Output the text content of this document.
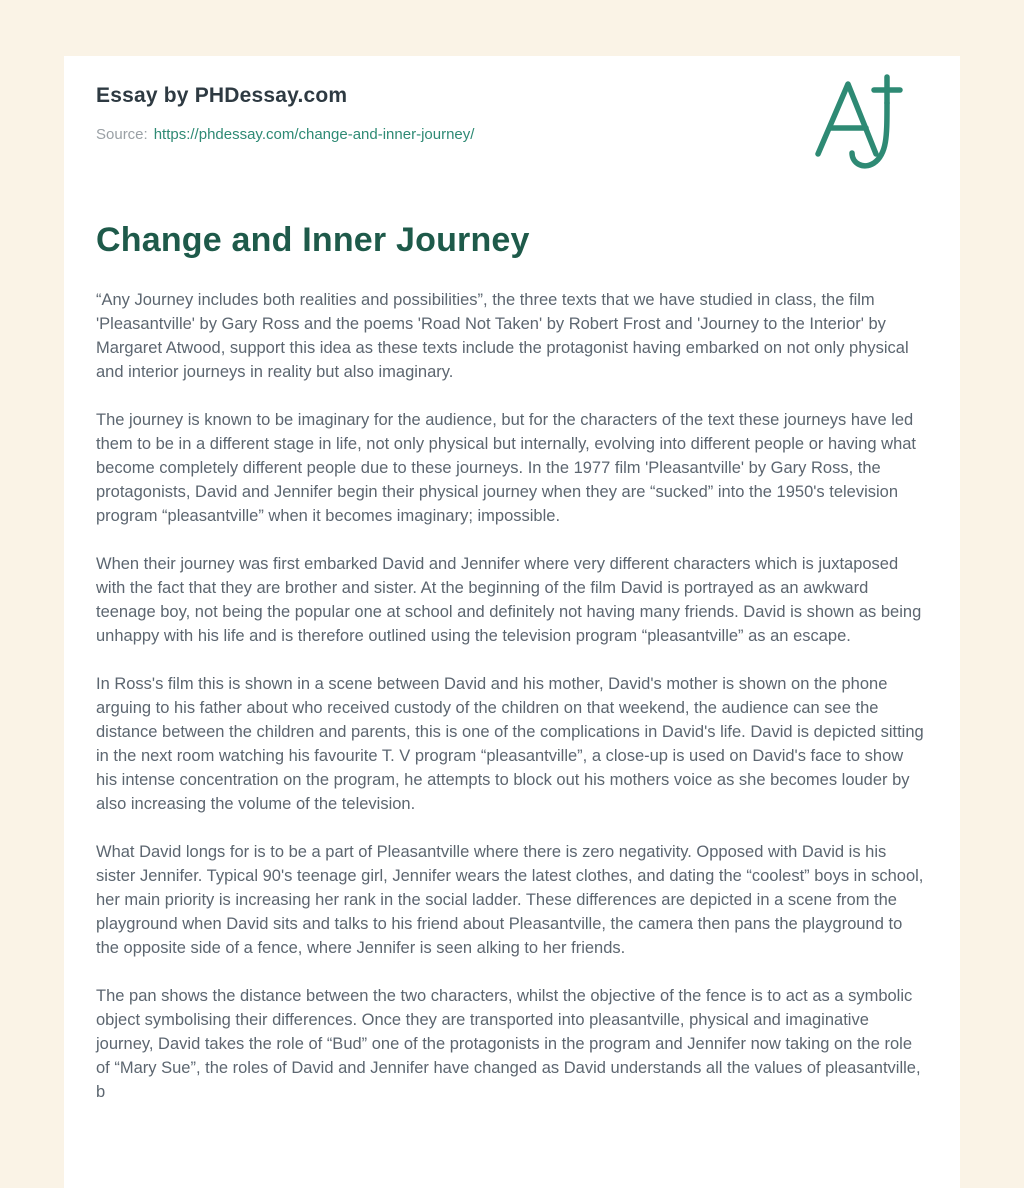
Essay by PHDessay.com
Source: https://phdessay.com/change-and-inner-journey/
Change and Inner Journey

“Any Journey includes both realities and possibilities”, the three texts that we have studied in class, the film 'Pleasantville' by Gary Ross and the poems 'Road Not Taken' by Robert Frost and 'Journey to the Interior' by Margaret Atwood, support this idea as these texts include the protagonist having embarked on not only physical and interior journeys in reality but also imaginary.

The journey is known to be imaginary for the audience, but for the characters of the text these journeys have led them to be in a different stage in life, not only physical but internally, evolving into different people or having what become completely different people due to these journeys. In the 1977 film 'Pleasantville' by Gary Ross, the protagonists, David and Jennifer begin their physical journey when they are “sucked” into the 1950's television program “pleasantville” when it becomes imaginary; impossible.

When their journey was first embarked David and Jennifer where very different characters which is juxtaposed with the fact that they are brother and sister. At the beginning of the film David is portrayed as an awkward teenage boy, not being the popular one at school and definitely not having many friends. David is shown as being unhappy with his life and is therefore outlined using the television program “pleasantville” as an escape.

In Ross's film this is shown in a scene between David and his mother, David's mother is shown on the phone arguing to his father about who received custody of the children on that weekend, the audience can see the distance between the children and parents, this is one of the complications in David's life. David is depicted sitting in the next room watching his favourite T. V program “pleasantville”, a close-up is used on David's face to show his intense concentration on the program, he attempts to block out his mothers voice as she becomes louder by also increasing the volume of the television.

What David longs for is to be a part of Pleasantville where there is zero negativity. Opposed with David is his sister Jennifer. Typical 90's teenage girl, Jennifer wears the latest clothes, and dating the “coolest” boys in school, her main priority is increasing her rank in the social ladder. These differences are depicted in a scene from the playground when David sits and talks to his friend about Pleasantville, the camera then pans the playground to the opposite side of a fence, where Jennifer is seen alking to her friends.

The pan shows the distance between the two characters, whilst the objective of the fence is to act as a symbolic object symbolising their differences. Once they are transported into pleasantville, physical and imaginative journey, David takes the role of “Bud” one of the protagonists in the program and Jennifer now taking on the role of “Mary Sue”, the roles of David and Jennifer have changed as David understands all the values of pleasantville, b
